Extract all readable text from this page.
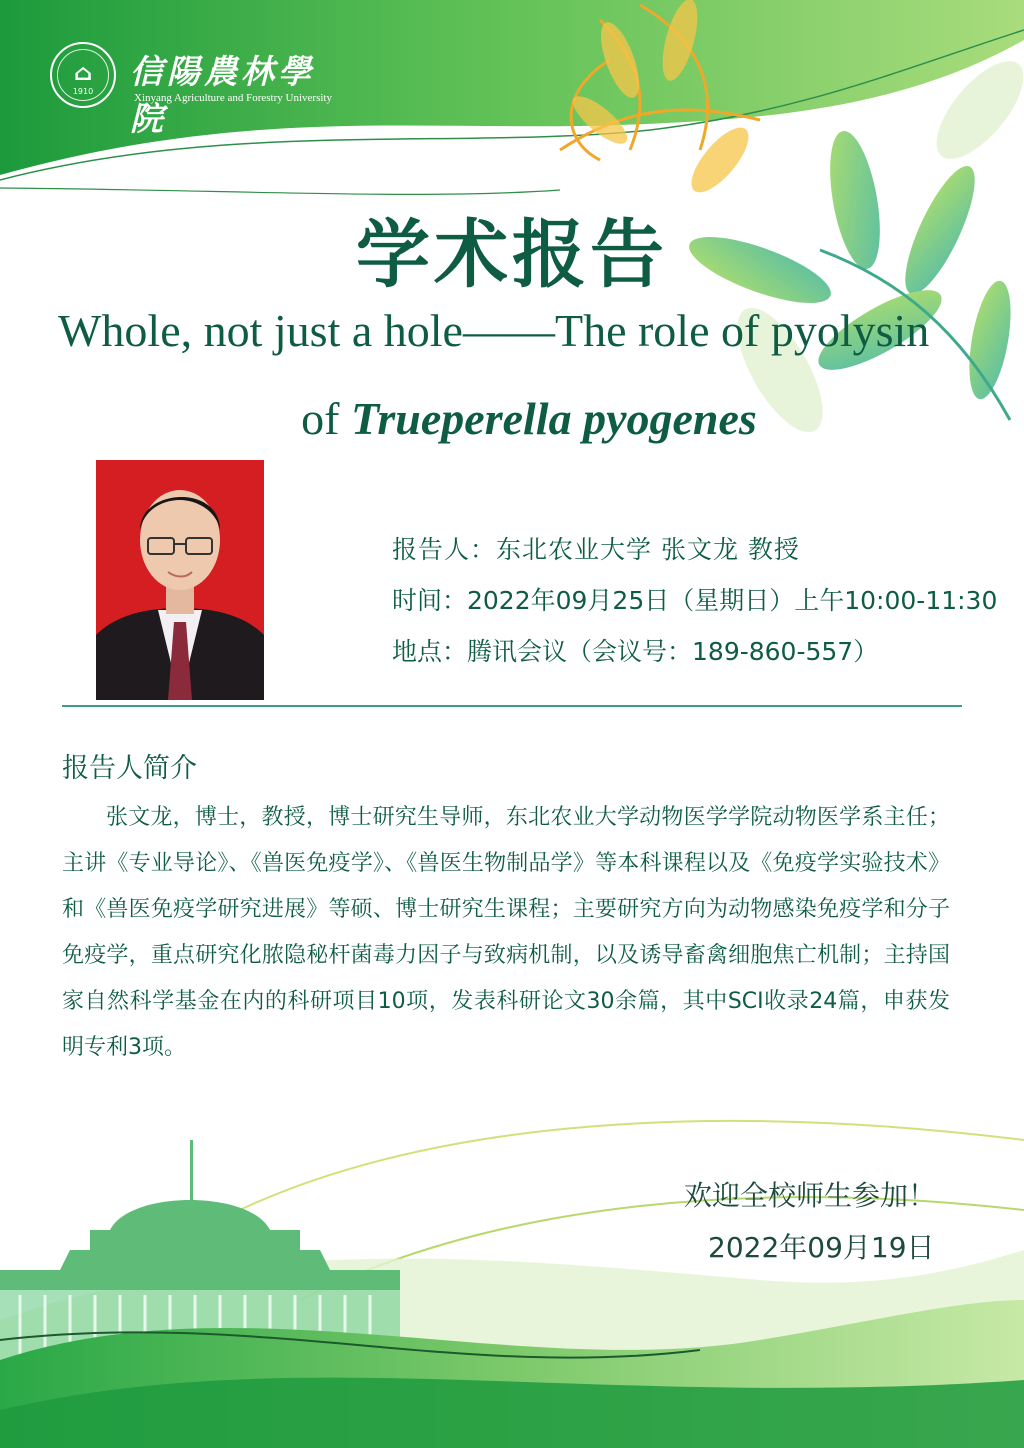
⌂
1910
信陽農林學院
Xinyang Agriculture and Forestry University
学术报告
Whole, not just a hole——The role of pyolysin
of Trueperella pyogenes
报告人：东北农业大学 张文龙 教授
时间：2022年09月25日（星期日）上午10:00-11:30
地点：腾讯会议（会议号：189-860-557）
报告人简介

张文龙，博士，教授，博士研究生导师，东北农业大学动物医学学院动物医学系主任；主讲《专业导论》、《兽医免疫学》、《兽医生物制品学》等本科课程以及《免疫学实验技术》和《兽医免疫学研究进展》等硕、博士研究生课程；主要研究方向为动物感染免疫学和分子免疫学，重点研究化脓隐秘杆菌毒力因子与致病机制，以及诱导畜禽细胞焦亡机制；主持国家自然科学基金在内的科研项目10项，发表科研论文30余篇，其中SCI收录24篇，申获发明专利3项。

欢迎全校师生参加！
2022年09月19日
